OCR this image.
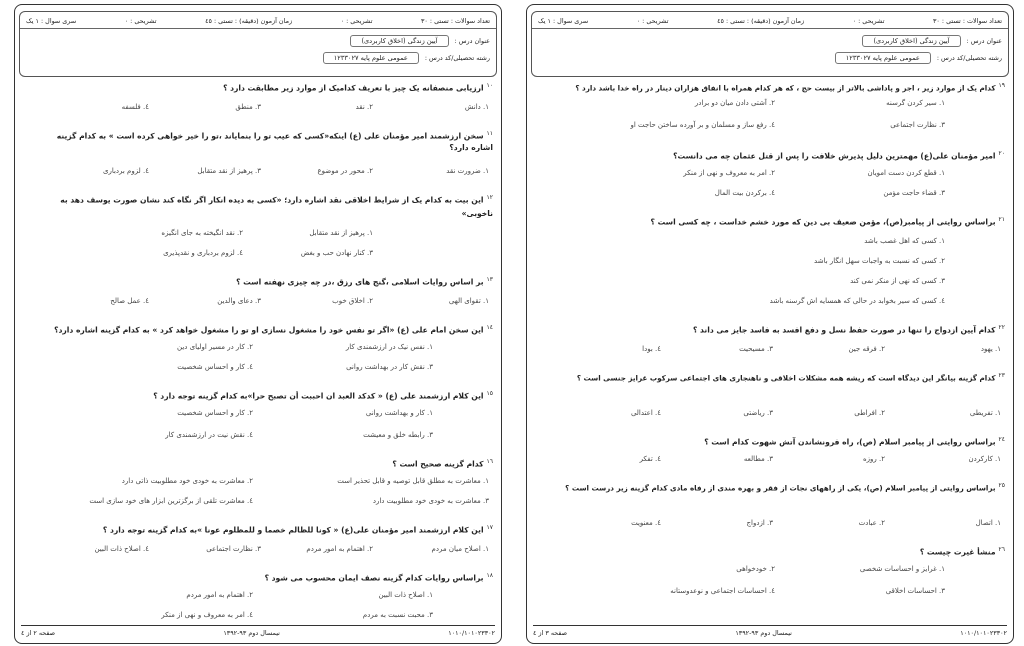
تعداد سوالات : تستی : ٣٠
تشریحی : ٠
زمان آزمون (دقیقه) : تستی : ٤٥
تشریحی : ٠
سری سوال : ١ یک
عنوان درس :
آیین زندگی (اخلاق کاربردی)
رشته تحصیلی/کد درس :
عمومی علوم پایه ١٢٣٣٠٢٧
$^{١٠}$ارزیابی منصفانه یک چیز با تعریف کدامیک از موارد زیر مطابقت دارد ؟
١. دانش
٢. نقد
٣. منطق
٤. فلسفه
$^{١١}$سخن ارزشمند امیر مؤمنان علی (ع) اینکه«کسی که عیب تو را بنمایاند ،تو را خیر خواهی کرده است » به کدام گزینه
اشاره دارد؟
١. ضرورت نقد
٢. محور در موضوع
٣. پرهیز از نقد متقابل
٤. لزوم بردباری
$^{١٢}$این بیت به کدام یک از شرایط اخلاقی نقد اشاره دارد؛ «کسی به دیده انکار اگر نگاه کند نشان صورت یوسف دهد به
ناخوبی»
١. پرهیز از نقد متقابل
٢. نقد انگیخته به جای انگیزه
٣. کنار نهادن حب و بغض
٤. لزوم بردباری و نقدپذیری
$^{١٣}$بر اساس روایات اسلامی ،گنج های رزق ،در چه چیزی نهفته است ؟
١. تقوای الهی
٢. اخلاق خوب
٣. دعای والدین
٤. عمل صالح
$^{١٤}$این سخن امام علی (ع) «اگر تو نفس خود را مشغول نسازی او تو را مشغول خواهد کرد » به کدام گزینه اشاره دارد؟
١. نفس نیک در ارزشمندی کار
٢. کار در مسیر اولیای دین
٣. نقش کار در بهداشت روانی
٤. کار و احساس شخصیت
$^{١٥}$این کلام ارزشمند علی (ع) « کدکد العبد ان احببت أن تصبح حرا»به کدام گزینه توجه دارد ؟
١. کار و بهداشت روانی
٢. کار و احساس شخصیت
٣. رابطه خلق و معیشت
٤. نقش نیت در ارزشمندی کار
$^{١٦}$کدام گزینه صحیح است ؟
١. معاشرت به مطلق قابل توصیه و قابل تحذیر است
٢. معاشرت به خودی خود مطلوبیت ذاتی دارد
٣. معاشرت به خودی خود مطلوبیت دارد
٤. معاشرت تلقی از برگزترین ابزار های خود سازی است
$^{١٧}$این کلام ارزشمند امیر مؤمنان علی(ع) « کونا للظالم خصما و للمظلوم عونا »به کدام گزینه توجه دارد ؟
١. اصلاح میان مردم
٢. اهتمام به امور مردم
٣. نظارت اجتماعی
٤. اصلاح ذات البین
$^{١٨}$براساس روایات کدام گزینه نصف ایمان محسوب می شود ؟
١. اصلاح ذات البین
٢. اهتمام به امور مردم
٣. محبت نسبت به مردم
٤. امر به معروف و نهی از منکر
١٠١٠/١٠١٠٢٣٣٠٢
نیمسال دوم ٩٣-١٣٩٢
صفحه ٢ از ٤
تعداد سوالات : تستی : ٣٠
تشریحی : ٠
زمان آزمون (دقیقه) : تستی : ٤٥
تشریحی : ٠
سری سوال : ١ یک
عنوان درس :
آیین زندگی (اخلاق کاربردی)
رشته تحصیلی/کد درس :
عمومی علوم پایه ١٢٣٣٠٢٧
$^{١٩}$کدام یک از موارد زیر ، اجر و پاداشی بالاتر از بیست حج ، که هر کدام همراه با انفاق هزاران دینار در راه خدا باشد دارد ؟
١. سیر کردن گرسنه
٢. آشتی دادن میان دو برادر
٣. نظارت اجتماعی
٤. رفع ساز و مسلمان و بر آورده ساختن حاجت او
$^{٢٠}$امیر مؤمنان علی(ع) مهمترین دلیل پذیرش خلافت را پس از قتل عثمان چه می دانست؟
١. قطع کردن دست امویان
٢. امر به معروف و نهی از منکر
٣. قضاء حاجت مؤمن
٤. برکردن بیت المال
$^{٢١}$براساس روایتی از پیامبر(ص)، مؤمن ضعیف بی دین که مورد خشم خداست ، چه کسی است ؟
١. کسی که اهل غصب باشد
٢. کسی که نسبت به واجبات سهل انگار باشد
٣. کسی که نهی از منکر نمی کند
٤. کسی که سیر بخوابد در حالی که همسایه اش گرسنه باشد
$^{٢٢}$کدام آیین ازدواج را تنها در صورت حفظ نسل و دفع افسد به فاسد جایز می داند ؟
١. یهود
٢. فرقه جین
٣. مسیحیت
٤. بودا
$^{٢٣}$کدام گزینه بیانگر این دیدگاه است که ریشه همه مشکلات اخلاقی و ناهنجاری های اجتماعی سرکوب غرایز جنسی است ؟
١. تفریطی
٢. افراطی
٣. ریاضتی
٤. اعتدالی
$^{٢٤}$براساس روایتی از پیامبر اسلام (ص)، راه فرونشاندن آتش شهوت کدام است ؟
١. کارکردن
٢. روزه
٣. مطالعه
٤. تفکر
$^{٢٥}$براساس روایتی از پیامبر اسلام (ص)، یکی از راههای نجات از فقر و بهره مندی از رفاه مادی کدام گزینه زیر درست است ؟
١. اتصال
٢. عبادت
٣. ازدواج
٤. معنویت
$^{٢٦}$منشأ غیرت چیست ؟
١. غرایز و احساسات شخصی
٢. خودخواهی
٣. احساسات اخلاقی
٤. احساسات اجتماعی و نوعدوستانه
١٠١٠/١٠١٠٢٣٣٠٢
نیمسال دوم ٩٣-١٣٩٢
صفحه ٣ از ٤
